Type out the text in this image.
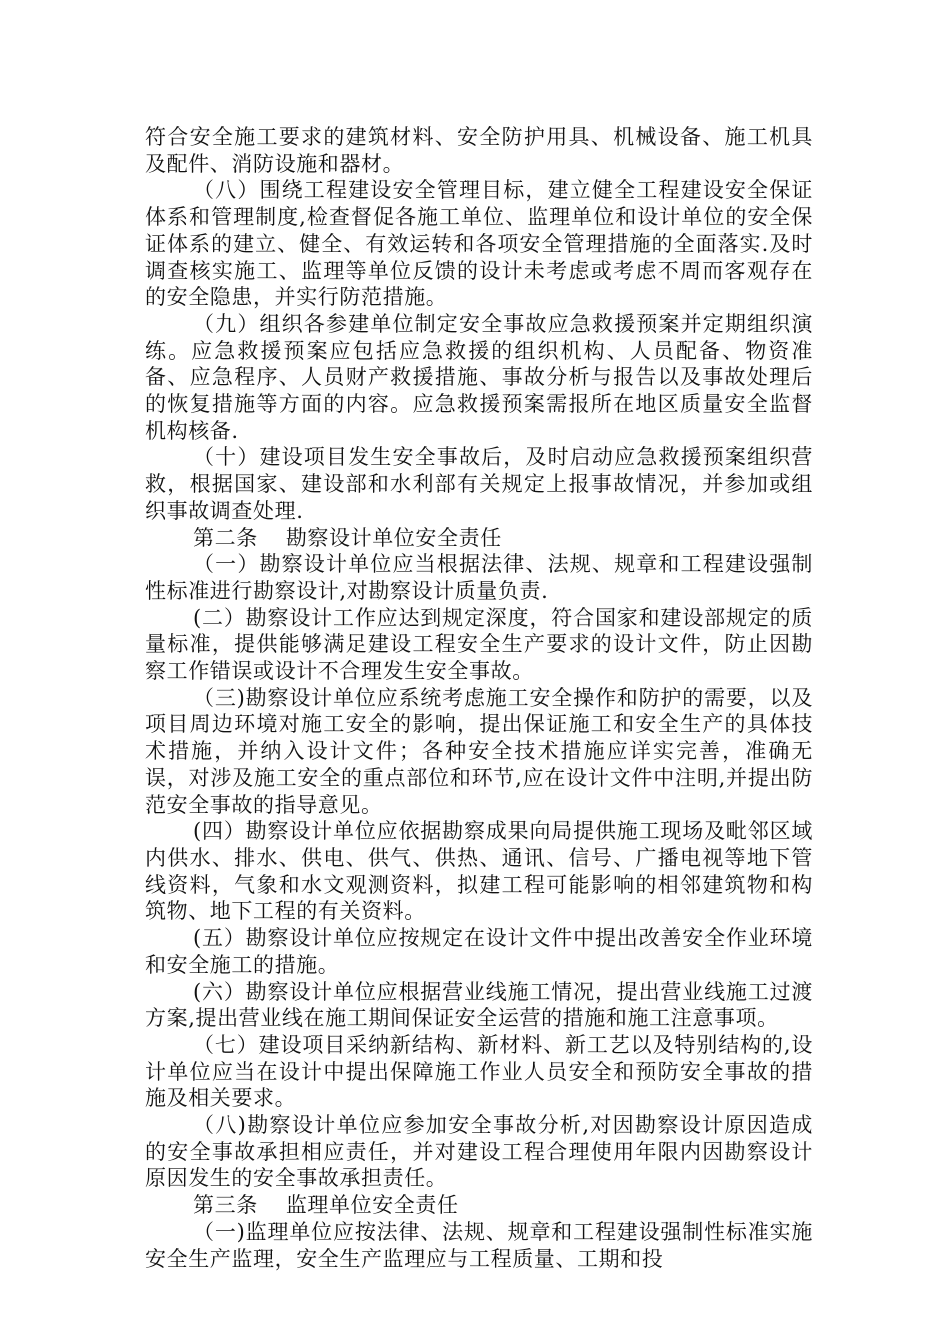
符合安全施工要求的建筑材料、安全防护用具、机械设备、施工机具及配件、消防设施和器材。

（八）围绕工程建设安全管理目标，建立健全工程建设安全保证体系和管理制度,检查督促各施工单位、监理单位和设计单位的安全保证体系的建立、健全、有效运转和各项安全管理措施的全面落实.及时调查核实施工、监理等单位反馈的设计未考虑或考虑不周而客观存在的安全隐患，并实行防范措施。

（九）组织各参建单位制定安全事故应急救援预案并定期组织演练。应急救援预案应包括应急救援的组织机构、人员配备、物资准备、应急程序、人员财产救援措施、事故分析与报告以及事故处理后的恢复措施等方面的内容。应急救援预案需报所在地区质量安全监督机构核备.

（十）建设项目发生安全事故后，及时启动应急救援预案组织营救，根据国家、建设部和水利部有关规定上报事故情况，并参加或组织事故调查处理.

第二条 勘察设计单位安全责任

（一）勘察设计单位应当根据法律、法规、规章和工程建设强制性标准进行勘察设计,对勘察设计质量负责.

(二）勘察设计工作应达到规定深度，符合国家和建设部规定的质量标准，提供能够满足建设工程安全生产要求的设计文件，防止因勘察工作错误或设计不合理发生安全事故。

（三)勘察设计单位应系统考虑施工安全操作和防护的需要，以及项目周边环境对施工安全的影响，提出保证施工和安全生产的具体技术措施，并纳入设计文件；各种安全技术措施应详实完善，准确无误，对涉及施工安全的重点部位和环节,应在设计文件中注明,并提出防范安全事故的指导意见。

(四）勘察设计单位应依据勘察成果向局提供施工现场及毗邻区域内供水、排水、供电、供气、供热、通讯、信号、广播电视等地下管线资料，气象和水文观测资料，拟建工程可能影响的相邻建筑物和构筑物、地下工程的有关资料。

(五）勘察设计单位应按规定在设计文件中提出改善安全作业环境和安全施工的措施。

(六）勘察设计单位应根据营业线施工情况，提出营业线施工过渡方案,提出营业线在施工期间保证安全运营的措施和施工注意事项。

（七）建设项目采纳新结构、新材料、新工艺以及特别结构的,设计单位应当在设计中提出保障施工作业人员安全和预防安全事故的措施及相关要求。

（八)勘察设计单位应参加安全事故分析,对因勘察设计原因造成的安全事故承担相应责任，并对建设工程合理使用年限内因勘察设计原因发生的安全事故承担责任。

第三条 监理单位安全责任

（一)监理单位应按法律、法规、规章和工程建设强制性标准实施安全生产监理，安全生产监理应与工程质量、工期和投
